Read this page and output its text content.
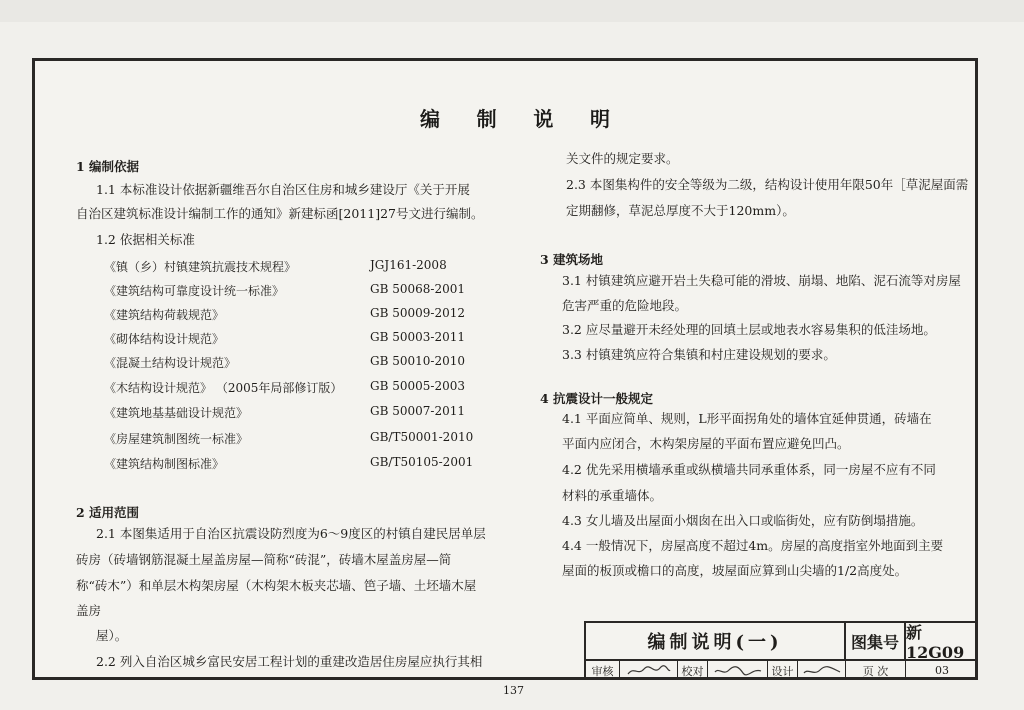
编 制 说 明
1 编制依据
1.1 本标准设计依据新疆维吾尔自治区住房和城乡建设厅《关于开展
自治区建筑标准设计编制工作的通知》新建标函[2011]27号文进行编制。
1.2 依据相关标准
《镇（乡）村镇建筑抗震技术规程》	JGJ161-2008
《建筑结构可靠度设计统一标准》	GB 50068-2001
《建筑结构荷载规范》	GB 50009-2012
《砌体结构设计规范》	GB 50003-2011
《混凝土结构设计规范》	GB 50010-2010
《木结构设计规范》 （2005年局部修订版） GB 50005-2003
《建筑地基基础设计规范》	GB 50007-2011
《房屋建筑制图统一标准》	GB/T50001-2010
《建筑结构制图标准》	GB/T50105-2001
2 适用范围
2.1 本图集适用于自治区抗震设防烈度为6～9度区的村镇自建民居单层
砖房（砖墙钢筋混凝土屋盖房屋—简称“砖混”，砖墙木屋盖房屋—简
称“砖木”）和单层木构架房屋（木构架木板夹芯墙、笆子墙、土坯墙木屋
盖房
屋）。
2.2 列入自治区城乡富民安居工程计划的重建改造居住房屋应执行其相
关文件的规定要求。
2.3 本图集构件的安全等级为二级，结构设计使用年限50年［草泥屋面需
定期翻修，草泥总厚度不大于120mm）。
3 建筑场地
3.1 村镇建筑应避开岩土失稳可能的滑坡、崩塌、地陷、泥石流等对房屋
危害严重的危险地段。
3.2 应尽量避开未经处理的回填土层或地表水容易集积的低洼场地。
3.3 村镇建筑应符合集镇和村庄建设规划的要求。
4 抗震设计一般规定
4.1 平面应简单、规则，L形平面拐角处的墙体宜延伸贯通，砖墙在
平面内应闭合，木构架房屋的平面布置应避免凹凸。
4.2 优先采用横墙承重或纵横墙共同承重体系，同一房屋不应有不同
材料的承重墙体。
4.3 女儿墙及出屋面小烟囱在出入口或临街处，应有防倒塌措施。
4.4 一般情况下，房屋高度不超过4m。房屋的高度指室外地面到主要
屋面的板顶或檐口的高度，坡屋面应算到山尖墙的1/2高度处。
编制说明(一)	图集号 新12G09
审核	校对	设计	页 次	03
137
